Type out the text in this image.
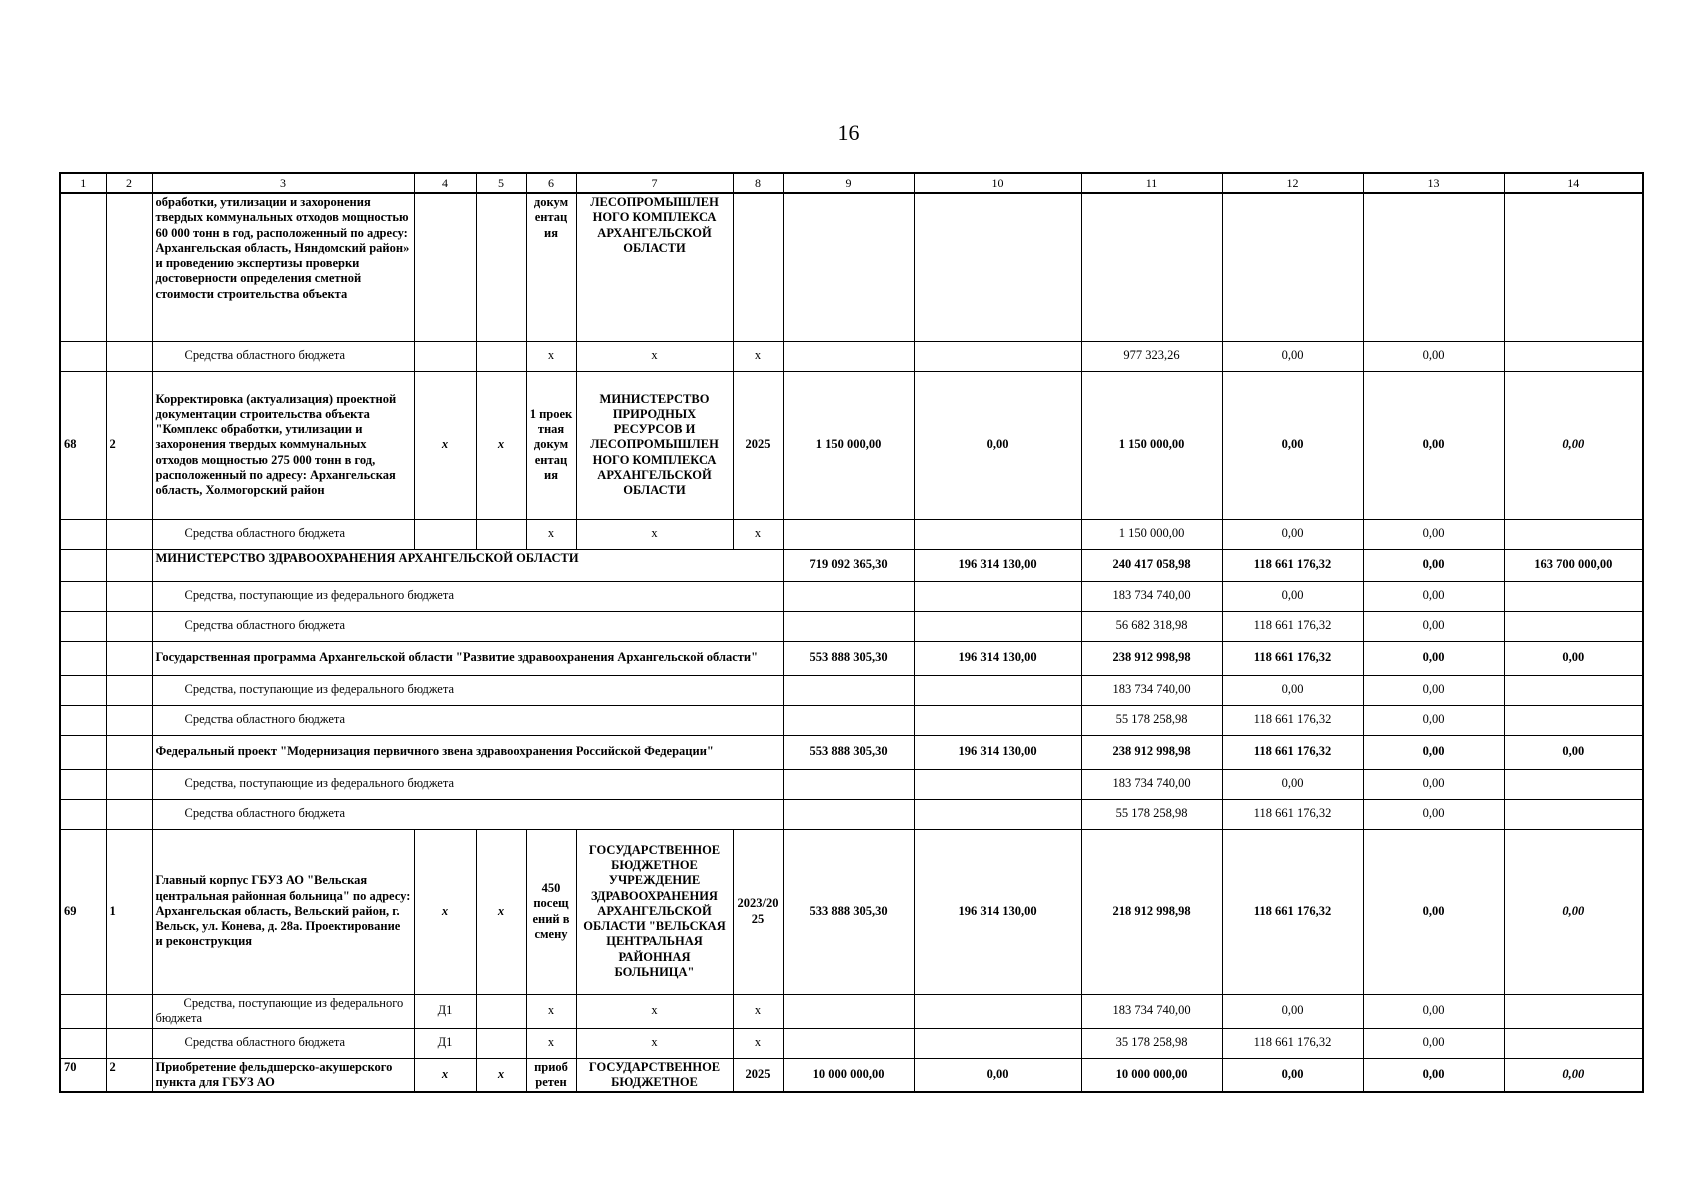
16
1	2	3	4	5	6	7	8	9	10	11	12	13	14
		обработки, утилизации и захоронения твердых коммунальных отходов мощностью 60 000 тонн в год, расположенный по адресу: Архангельская область, Няндомский район» и проведению экспертизы проверки достоверности определения сметной стоимости строительства объекта			докум ентац ия	ЛЕСОПРОМЫШЛЕН НОГО КОМПЛЕКСА АРХАНГЕЛЬСКОЙ ОБЛАСТИ							
		Средства областного бюджета			x	x	x			977 323,26	0,00	0,00	
68	2	Корректировка (актуализация) проектной документации строительства объекта "Комплекс обработки, утилизации и захоронения твердых коммунальных отходов мощностью 275 000 тонн в год, расположенный по адресу: Архангельская область, Холмогорский район	x	x	1 проек тная докум ентац ия	МИНИСТЕРСТВО ПРИРОДНЫХ РЕСУРСОВ И ЛЕСОПРОМЫШЛЕН НОГО КОМПЛЕКСА АРХАНГЕЛЬСКОЙ ОБЛАСТИ	2025	1 150 000,00	0,00	1 150 000,00	0,00	0,00	0,00
		Средства областного бюджета			x	x	x			1 150 000,00	0,00	0,00	
		МИНИСТЕРСТВО ЗДРАВООХРАНЕНИЯ АРХАНГЕЛЬСКОЙ ОБЛАСТИ						719 092 365,30	196 314 130,00	240 417 058,98	118 661 176,32	0,00	163 700 000,00
		Средства, поступающие из федерального бюджета								183 734 740,00	0,00	0,00	
		Средства областного бюджета								56 682 318,98	118 661 176,32	0,00	
		Государственная программа Архангельской области "Развитие здравоохранения Архангельской области"						553 888 305,30	196 314 130,00	238 912 998,98	118 661 176,32	0,00	0,00
		Средства, поступающие из федерального бюджета								183 734 740,00	0,00	0,00	
		Средства областного бюджета								55 178 258,98	118 661 176,32	0,00	
		Федеральный проект "Модернизация первичного звена здравоохранения Российской Федерации"						553 888 305,30	196 314 130,00	238 912 998,98	118 661 176,32	0,00	0,00
		Средства, поступающие из федерального бюджета								183 734 740,00	0,00	0,00	
		Средства областного бюджета								55 178 258,98	118 661 176,32	0,00	
69	1	Главный корпус ГБУЗ АО "Вельская центральная районная больница" по адресу: Архангельская область, Вельский район, г. Вельск, ул. Конева, д. 28а. Проектирование и реконструкция	x	x	450 посещ ений в смену	ГОСУДАРСТВЕННОЕ БЮДЖЕТНОЕ УЧРЕЖДЕНИЕ ЗДРАВООХРАНЕНИЯ АРХАНГЕЛЬСКОЙ ОБЛАСТИ "ВЕЛЬСКАЯ ЦЕНТРАЛЬНАЯ РАЙОННАЯ БОЛЬНИЦА"	2023/20 25	533 888 305,30	196 314 130,00	218 912 998,98	118 661 176,32	0,00	0,00
		Средства, поступающие из федерального бюджета	Д1		x	x	x			183 734 740,00	0,00	0,00	
		Средства областного бюджета	Д1		x	x	x			35 178 258,98	118 661 176,32	0,00	
70	2	Приобретение фельдшерско-акушерского пункта для ГБУЗ АО	x	x	приоб ретен	ГОСУДАРСТВЕННОЕ БЮДЖЕТНОЕ	2025	10 000 000,00	0,00	10 000 000,00	0,00	0,00	0,00
